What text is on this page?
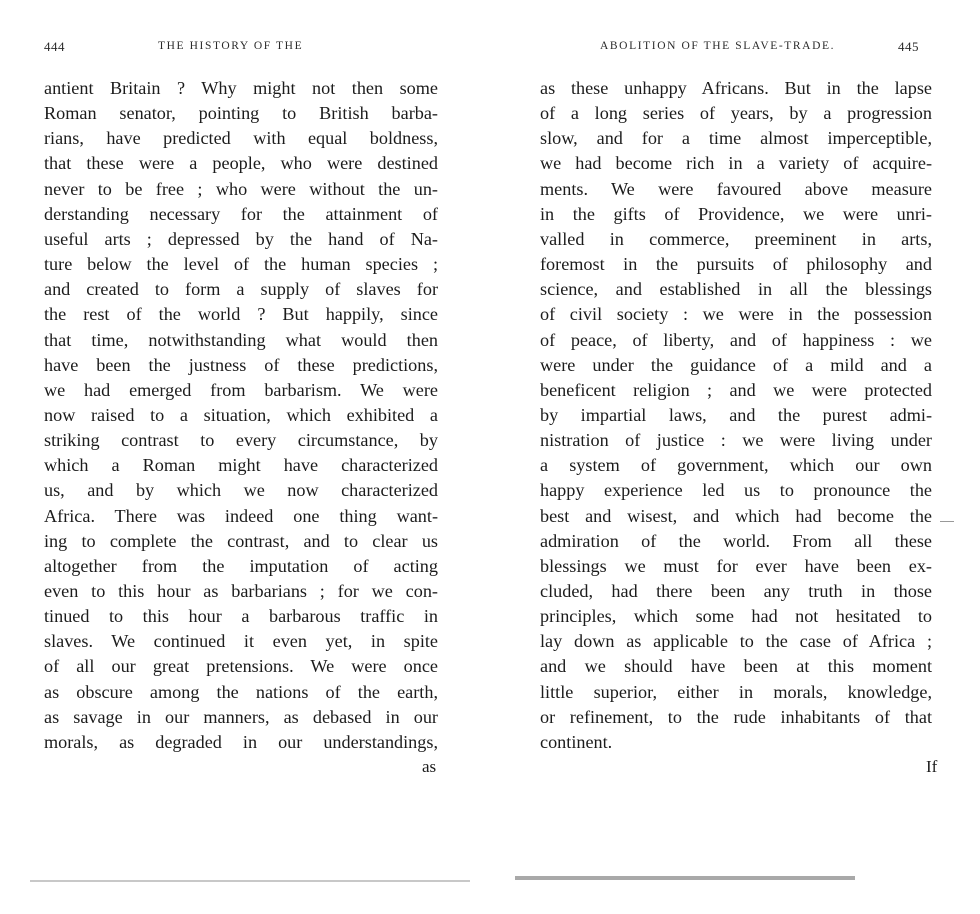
444	THE HISTORY OF THE	ABOLITION OF THE SLAVE-TRADE.	445
antient Britain ? Why might not then some
Roman senator, pointing to British barba-
rians, have predicted with equal boldness,
that these were a people, who were destined
never to be free ; who were without the un-
derstanding necessary for the attainment of
useful arts ; depressed by the hand of Na-
ture below the level of the human species ;
and created to form a supply of slaves for
the rest of the world ? But happily, since
that time, notwithstanding what would then
have been the justness of these predictions,
we had emerged from barbarism. We were
now raised to a situation, which exhibited a
striking contrast to every circumstance, by
which a Roman might have characterized
us, and by which we now characterized
Africa. There was indeed one thing want-
ing to complete the contrast, and to clear us
altogether from the imputation of acting
even to this hour as barbarians ; for we con-
tinued to this hour a barbarous traffic in
slaves. We continued it even yet, in spite
of all our great pretensions. We were once
as obscure among the nations of the earth,
as savage in our manners, as debased in our
morals, as degraded in our understandings,
as these unhappy Africans. But in the lapse
of a long series of years, by a progression
slow, and for a time almost imperceptible,
we had become rich in a variety of acquire-
ments. We were favoured above measure
in the gifts of Providence, we were unri-
valled in commerce, preeminent in arts,
foremost in the pursuits of philosophy and
science, and established in all the blessings
of civil society : we were in the possession
of peace, of liberty, and of happiness : we
were under the guidance of a mild and a
beneficent religion ; and we were protected
by impartial laws, and the purest admi-
nistration of justice : we were living under
a system of government, which our own
happy experience led us to pronounce the
best and wisest, and which had become the
admiration of the world. From all these
blessings we must for ever have been ex-
cluded, had there been any truth in those
principles, which some had not hesitated to
lay down as applicable to the case of Africa ;
and we should have been at this moment
little superior, either in morals, knowledge,
or refinement, to the rude inhabitants of that
continent.
as	If
